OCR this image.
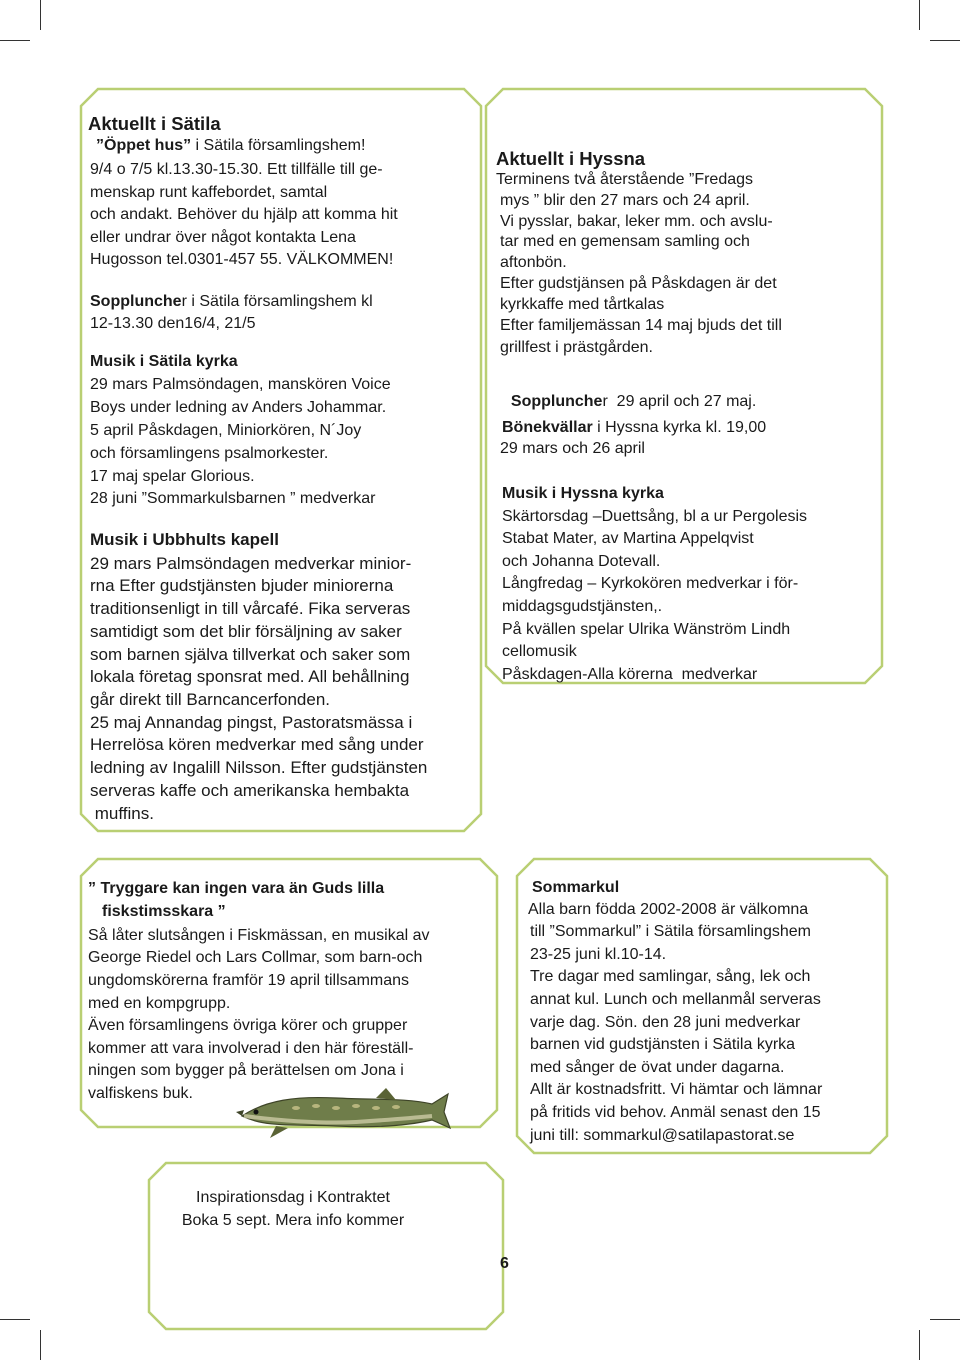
Aktuellt i Sätila
”Öppet hus” i Sätila församlingshem!
9/4 o 7/5 kl.13.30-15.30. Ett tillfälle till ge-
menskap runt kaffebordet, samtal
och andakt. Behöver du hjälp att komma hit
eller undrar över något kontakta Lena
Hugosson tel.0301-457 55. VÄLKOMMEN!
Soppluncher i Sätila församlingshem kl
12-13.30 den16/4, 21/5
Musik i Sätila kyrka
29 mars Palmsöndagen, manskören Voice
Boys under ledning av Anders Johammar.
5 april Påskdagen, Miniorkören, N´Joy
och församlingens psalmorkester.
17 maj spelar Glorious.
28 juni ”Sommarkulsbarnen ” medverkar
Musik i Ubbhults kapell
29 mars Palmsöndagen medverkar minior-
rna Efter gudstjänsten bjuder miniorerna
traditionsenligt in till vårcafé. Fika serveras
samtidigt som det blir försäljning av saker
som barnen själva tillverkat och saker som
lokala företag sponsrat med. All behållning
går direkt till Barncancerfonden.
25 maj Annandag pingst, Pastoratsmässa i
Herrelösa kören medverkar med sång under
ledning av Ingalill Nilsson. Efter gudstjänsten
serveras kaffe och amerikanska hembakta
muffins.
Aktuellt i Hyssna
Terminens två återstående ”Fredags
mys ” blir den 27 mars och 24 april.
Vi pysslar, bakar, leker mm. och avslu-
tar med en gemensam samling och
aftonbön.
Efter gudstjänsen på Påskdagen är det
kyrkkaffe med tårtkalas
Efter familjemässan 14 maj bjuds det till
grillfest i prästgården.

Soppluncher  29 april och 27 maj.

Bönekvällar i Hyssna kyrka kl. 19,00
29 mars och 26 april
Musik i Hyssna kyrka
Skärtorsdag –Duettsång, bl a ur Pergolesis
Stabat Mater, av Martina Appelqvist
och Johanna Dotevall.
Långfredag – Kyrkokören medverkar i för-
middagsgudstjänsten,.
På kvällen spelar Ulrika Wänström Lindh
cellomusik
Påskdagen-Alla körerna  medverkar
” Tryggare kan ingen vara än Guds lilla
fiskstimsskara ”
Så låter slutsången i Fiskmässan, en musikal av
George Riedel och Lars Collmar, som barn-och
ungdomskörerna framför 19 april tillsammans
med en kompgrupp.
Även församlingens övriga körer och grupper
kommer att vara involverad i den här föreställ-
ningen som bygger på berättelsen om Jona i
valfiskens buk.
Sommarkul
Alla barn födda 2002-2008 är välkomna
till ”Sommarkul” i Sätila församlingshem
23-25 juni kl.10-14.
Tre dagar med samlingar, sång, lek och
annat kul. Lunch och mellanmål serveras
varje dag. Sön. den 28 juni medverkar
barnen vid gudstjänsten i Sätila kyrka
med sånger de övat under dagarna.
Allt är kostnadsfritt. Vi hämtar och lämnar
på fritids vid behov. Anmäl senast den 15
juni till: sommarkul@satilapastorat.se
Inspirationsdag i Kontraktet
Boka 5 sept. Mera info kommer
6
